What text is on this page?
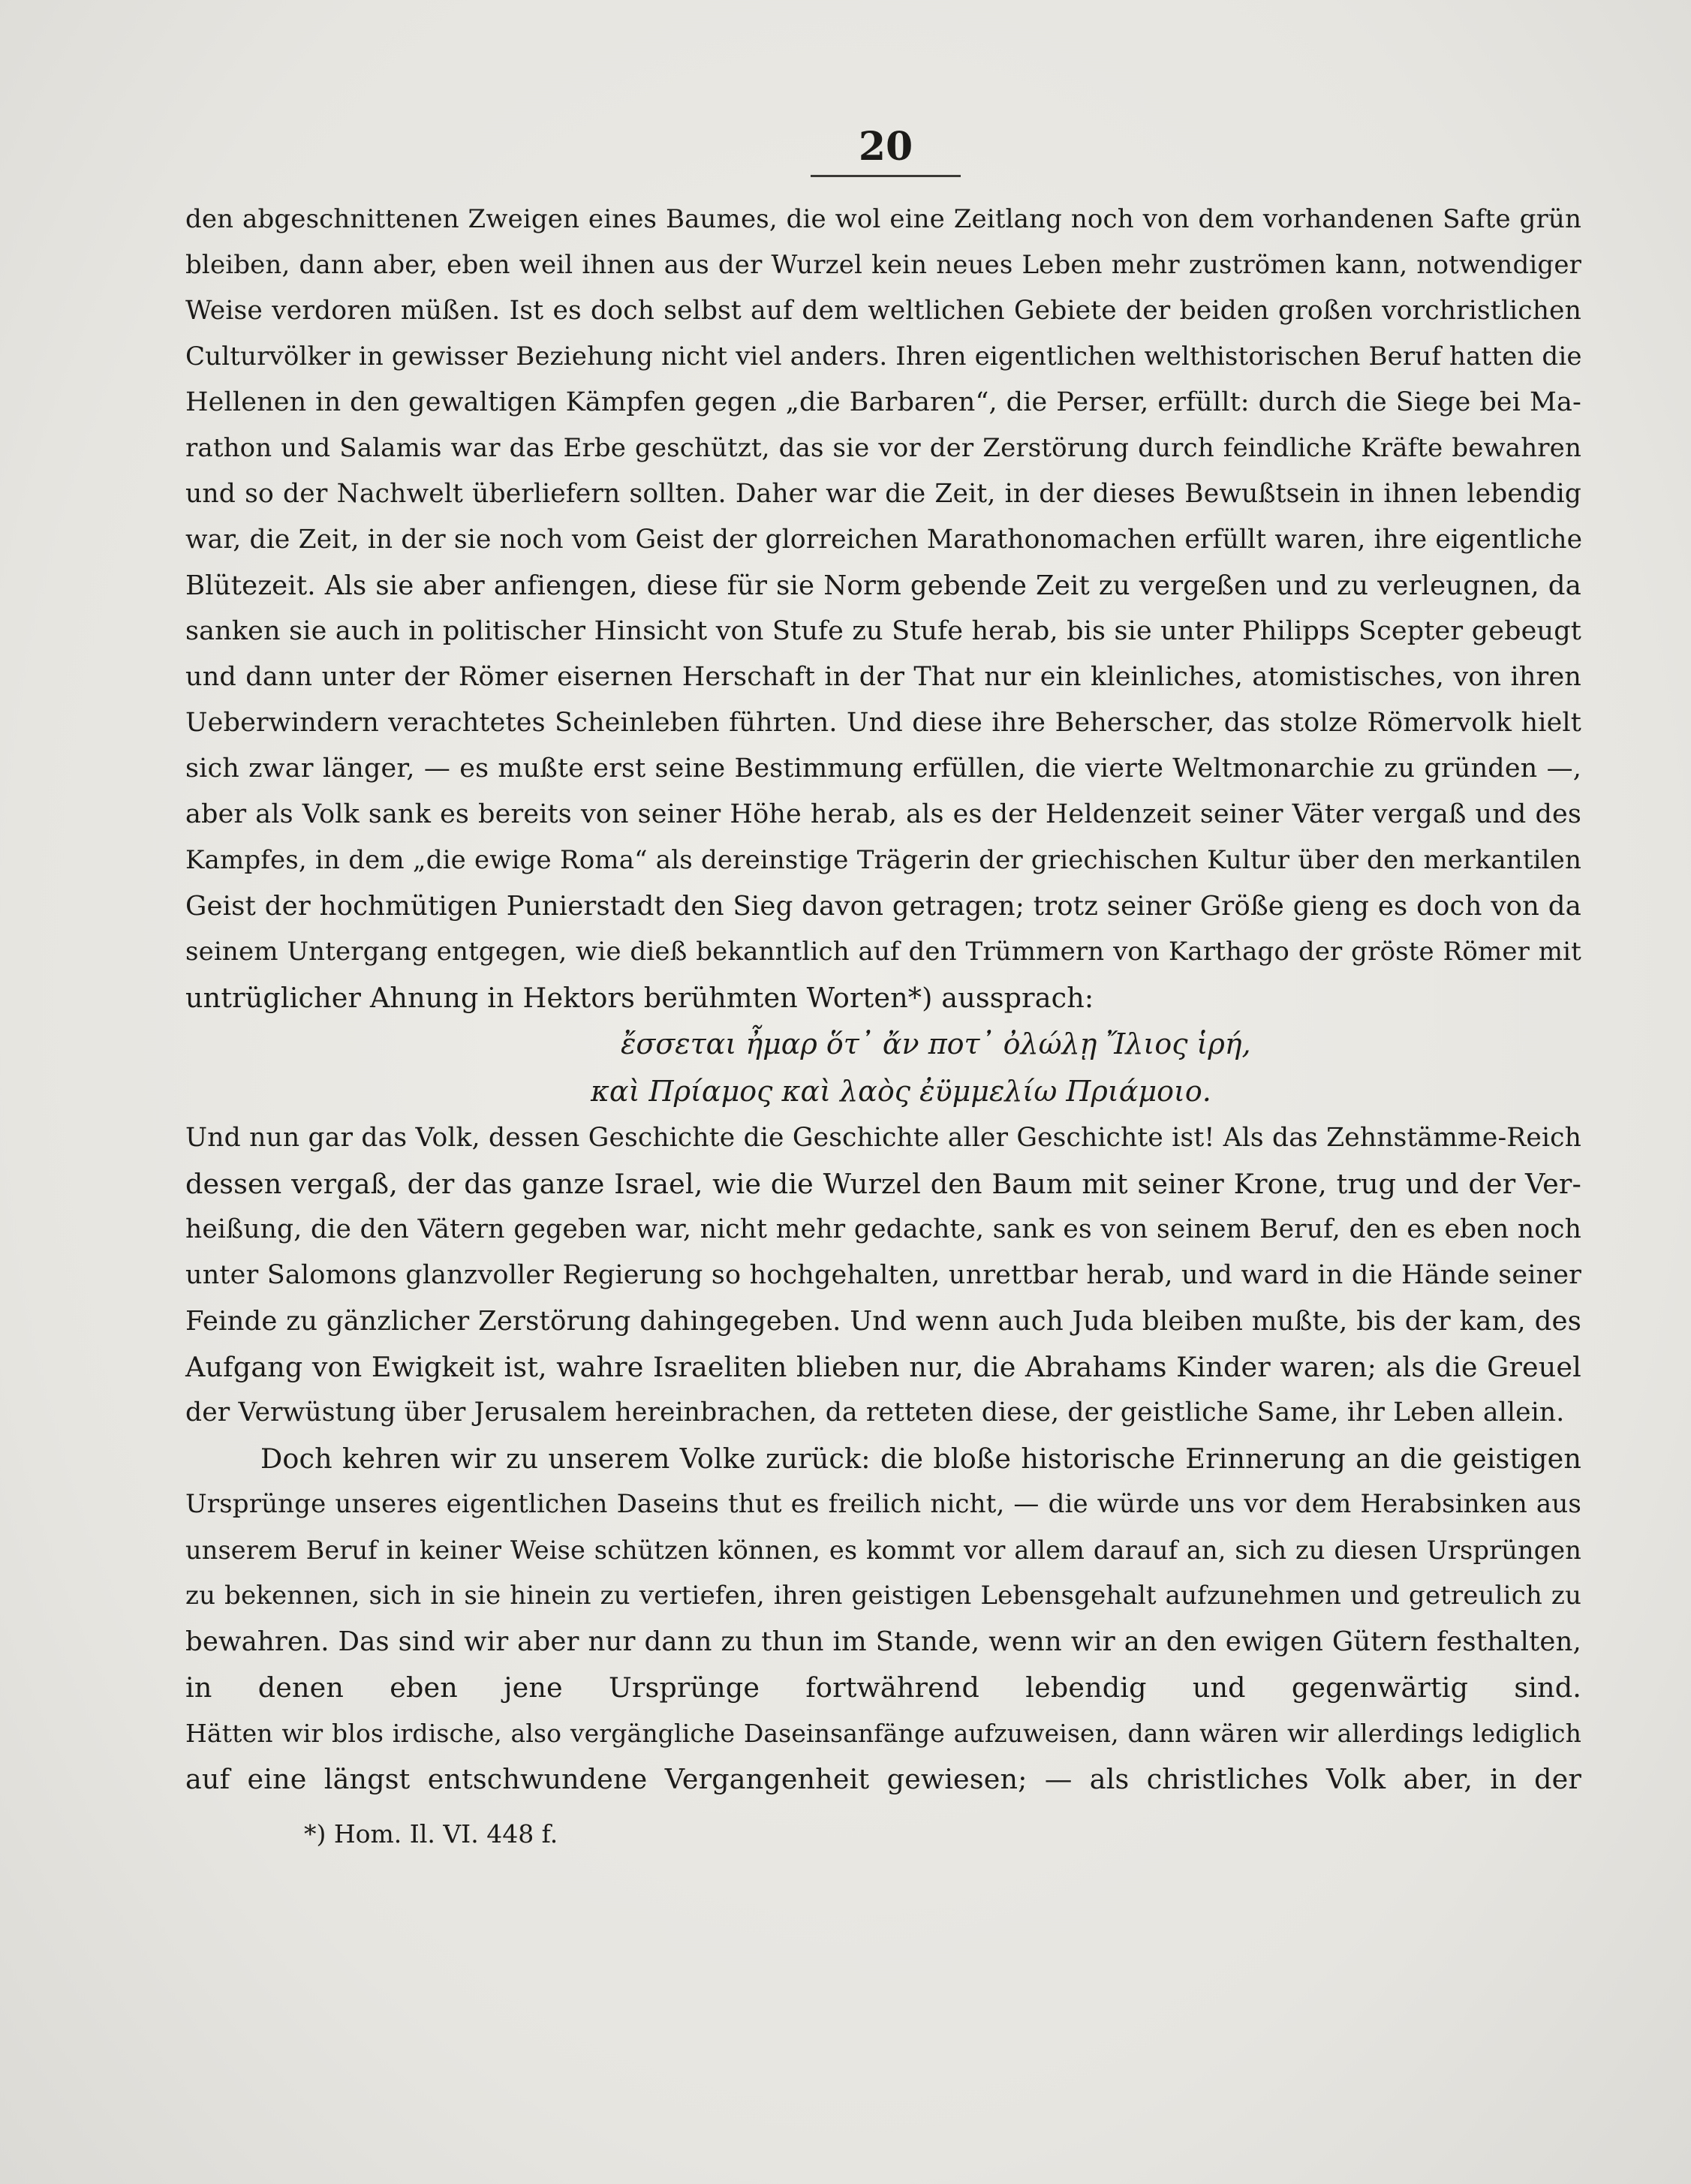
20
den abgeschnittenen Zweigen eines Baumes, die wol eine Zeitlang noch von dem vorhandenen Safte grün
bleiben, dann aber, eben weil ihnen aus der Wurzel kein neues Leben mehr zuströmen kann, notwendiger
Weise verdoren müßen. Ist es doch selbst auf dem weltlichen Gebiete der beiden großen vorchristlichen
Culturvölker in gewisser Beziehung nicht viel anders. Ihren eigentlichen welthistorischen Beruf hatten die
Hellenen in den gewaltigen Kämpfen gegen „die Barbaren“, die Perser, erfüllt: durch die Siege bei Ma-
rathon und Salamis war das Erbe geschützt, das sie vor der Zerstörung durch feindliche Kräfte bewahren
und so der Nachwelt überliefern sollten. Daher war die Zeit, in der dieses Bewußtsein in ihnen lebendig
war, die Zeit, in der sie noch vom Geist der glorreichen Marathonomachen erfüllt waren, ihre eigentliche
Blütezeit. Als sie aber anfiengen, diese für sie Norm gebende Zeit zu vergeßen und zu verleugnen, da
sanken sie auch in politischer Hinsicht von Stufe zu Stufe herab, bis sie unter Philipps Scepter gebeugt
und dann unter der Römer eisernen Herschaft in der That nur ein kleinliches, atomistisches, von ihren
Ueberwindern verachtetes Scheinleben führten. Und diese ihre Beherscher, das stolze Römervolk hielt
sich zwar länger, — es mußte erst seine Bestimmung erfüllen, die vierte Weltmonarchie zu gründen —,
aber als Volk sank es bereits von seiner Höhe herab, als es der Heldenzeit seiner Väter vergaß und des
Kampfes, in dem „die ewige Roma“ als dereinstige Trägerin der griechischen Kultur über den merkantilen
Geist der hochmütigen Punierstadt den Sieg davon getragen; trotz seiner Größe gieng es doch von da
seinem Untergang entgegen, wie dieß bekanntlich auf den Trümmern von Karthago der gröste Römer mit
untrüglicher Ahnung in Hektors berühmten Worten*) aussprach:
ἔσσεται ἦμαρ ὅτ᾽ ἄν ποτ᾽ ὀλώλῃ Ἴλιος ἱρή,
καὶ Πρίαμος καὶ λαὸς ἐϋμμελίω Πριάμοιο.
Und nun gar das Volk, dessen Geschichte die Geschichte aller Geschichte ist! Als das Zehnstämme-Reich
dessen vergaß, der das ganze Israel, wie die Wurzel den Baum mit seiner Krone, trug und der Ver-
heißung, die den Vätern gegeben war, nicht mehr gedachte, sank es von seinem Beruf, den es eben noch
unter Salomons glanzvoller Regierung so hochgehalten, unrettbar herab, und ward in die Hände seiner
Feinde zu gänzlicher Zerstörung dahingegeben. Und wenn auch Juda bleiben mußte, bis der kam, des
Aufgang von Ewigkeit ist, wahre Israeliten blieben nur, die Abrahams Kinder waren; als die Greuel
der Verwüstung über Jerusalem hereinbrachen, da retteten diese, der geistliche Same, ihr Leben allein.
Doch kehren wir zu unserem Volke zurück: die bloße historische Erinnerung an die geistigen
Ursprünge unseres eigentlichen Daseins thut es freilich nicht, — die würde uns vor dem Herabsinken aus
unserem Beruf in keiner Weise schützen können, es kommt vor allem darauf an, sich zu diesen Ursprüngen
zu bekennen, sich in sie hinein zu vertiefen, ihren geistigen Lebensgehalt aufzunehmen und getreulich zu
bewahren. Das sind wir aber nur dann zu thun im Stande, wenn wir an den ewigen Gütern festhalten,
in denen eben jene Ursprünge fortwährend lebendig und gegenwärtig sind.
Hätten wir blos irdische, also vergängliche Daseinsanfänge aufzuweisen, dann wären wir allerdings lediglich
auf eine längst entschwundene Vergangenheit gewiesen; — als christliches Volk aber, in der
*) Hom. Il. VI. 448 f.
